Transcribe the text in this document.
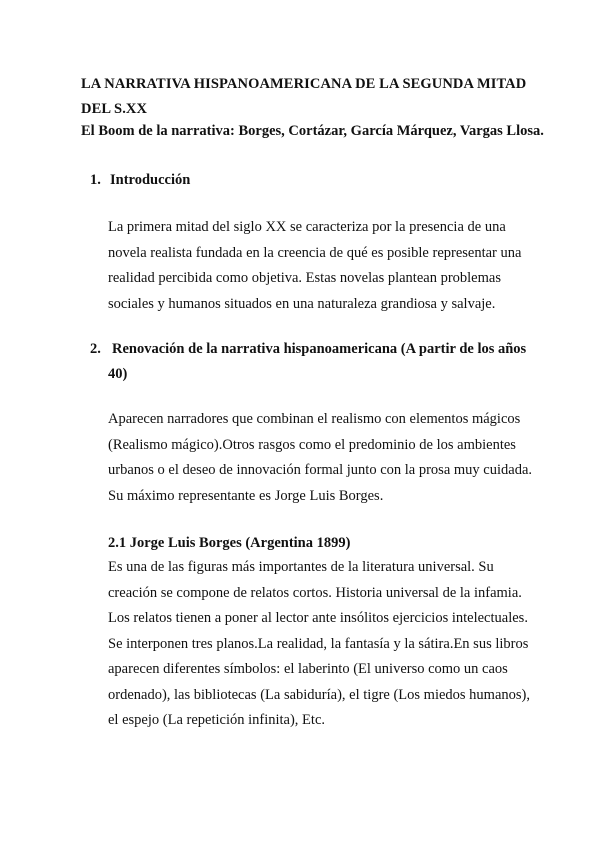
LA NARRATIVA HISPANOAMERICANA DE LA SEGUNDA MITAD
DEL S.XX
El Boom de la narrativa: Borges, Cortázar, García Márquez, Vargas Llosa.
1. Introducción
La primera mitad del siglo XX se caracteriza por la presencia de una
novela realista fundada en la creencia de qué es posible representar una
realidad percibida como objetiva. Estas novelas plantean problemas
sociales y humanos situados en una naturaleza grandiosa y salvaje.
2. Renovación de la narrativa hispanoamericana (A partir de los años
40)
Aparecen narradores que combinan el realismo con elementos mágicos
(Realismo mágico).Otros rasgos como el predominio de los ambientes
urbanos o el deseo de innovación formal junto con la prosa muy cuidada.
Su máximo representante es Jorge Luis Borges.
2.1 Jorge Luis Borges (Argentina 1899)
Es una de las figuras más importantes de la literatura universal. Su
creación se compone de relatos cortos. Historia universal de la infamia.
Los relatos tienen a poner al lector ante insólitos ejercicios intelectuales.
Se interponen tres planos.La realidad, la fantasía y la sátira.En sus libros
aparecen diferentes símbolos: el laberinto (El universo como un caos
ordenado), las bibliotecas (La sabiduría), el tigre (Los miedos humanos),
el espejo (La repetición infinita), Etc.
